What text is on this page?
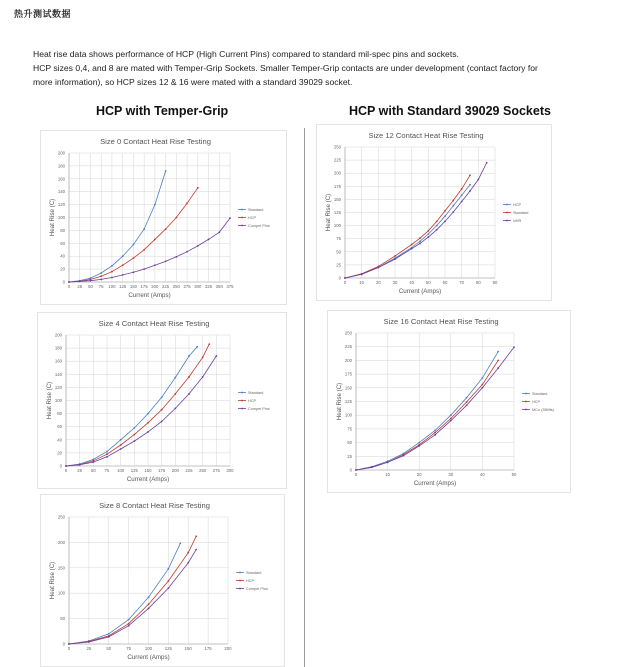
热升测试数据

Heat rise data shows performance of HCP (High Current Pins) compared to standard mil-spec pins and sockets.

HCP sizes 0,4, and 8 are mated with Temper-Grip Sockets. Smaller Temper-Grip contacts are under development (contact factory for

more information), so HCP sizes 12 & 16 were mated with a standard 39029 socket.

HCP with Temper-Grip	HCP with Standard 39029 Sockets
Size 0 Contact Heat Rise Testing
0
20
40
60
80
100
120
140
160
180
200
0 25 50 75 100 125 150 175 200 225 250 275 300 325 350 375
Current (Amps)
Heat Rise (C)	Standard
HCP
Compet Pins
Size 4 Contact Heat Rise Testing
0
20
40
60
80
100
120
140
160
180
200
0 25 50 75 100 125 150 175 200 225 250 275 300
Current (Amps)
Heat Rise (C)	Standard
HCP
Compet Pins
Size 8 Contact Heat Rise Testing
0
50
100
150
200
250
0	25	50	75	100	125	150	175	200
Current (Amps)
Heat Rise (C)	Standard
HCP
Compet Pins
Size 12 Contact Heat Rise Testing
0
25
50
75
100
125
150
175
200
225
250
0	10	20	30	40	50	60	70	80	90
Current (Amps)
Heat Rise (C)	HCP
Standard
NHR
Size 16 Contact Heat Rise Testing
0
25
50
75
100
125
150
175
200
225
250
0	10	20	30	40	50
Current (Amps)
Heat Rise (C)	Standard
HCP
MCo (35Mfs)
